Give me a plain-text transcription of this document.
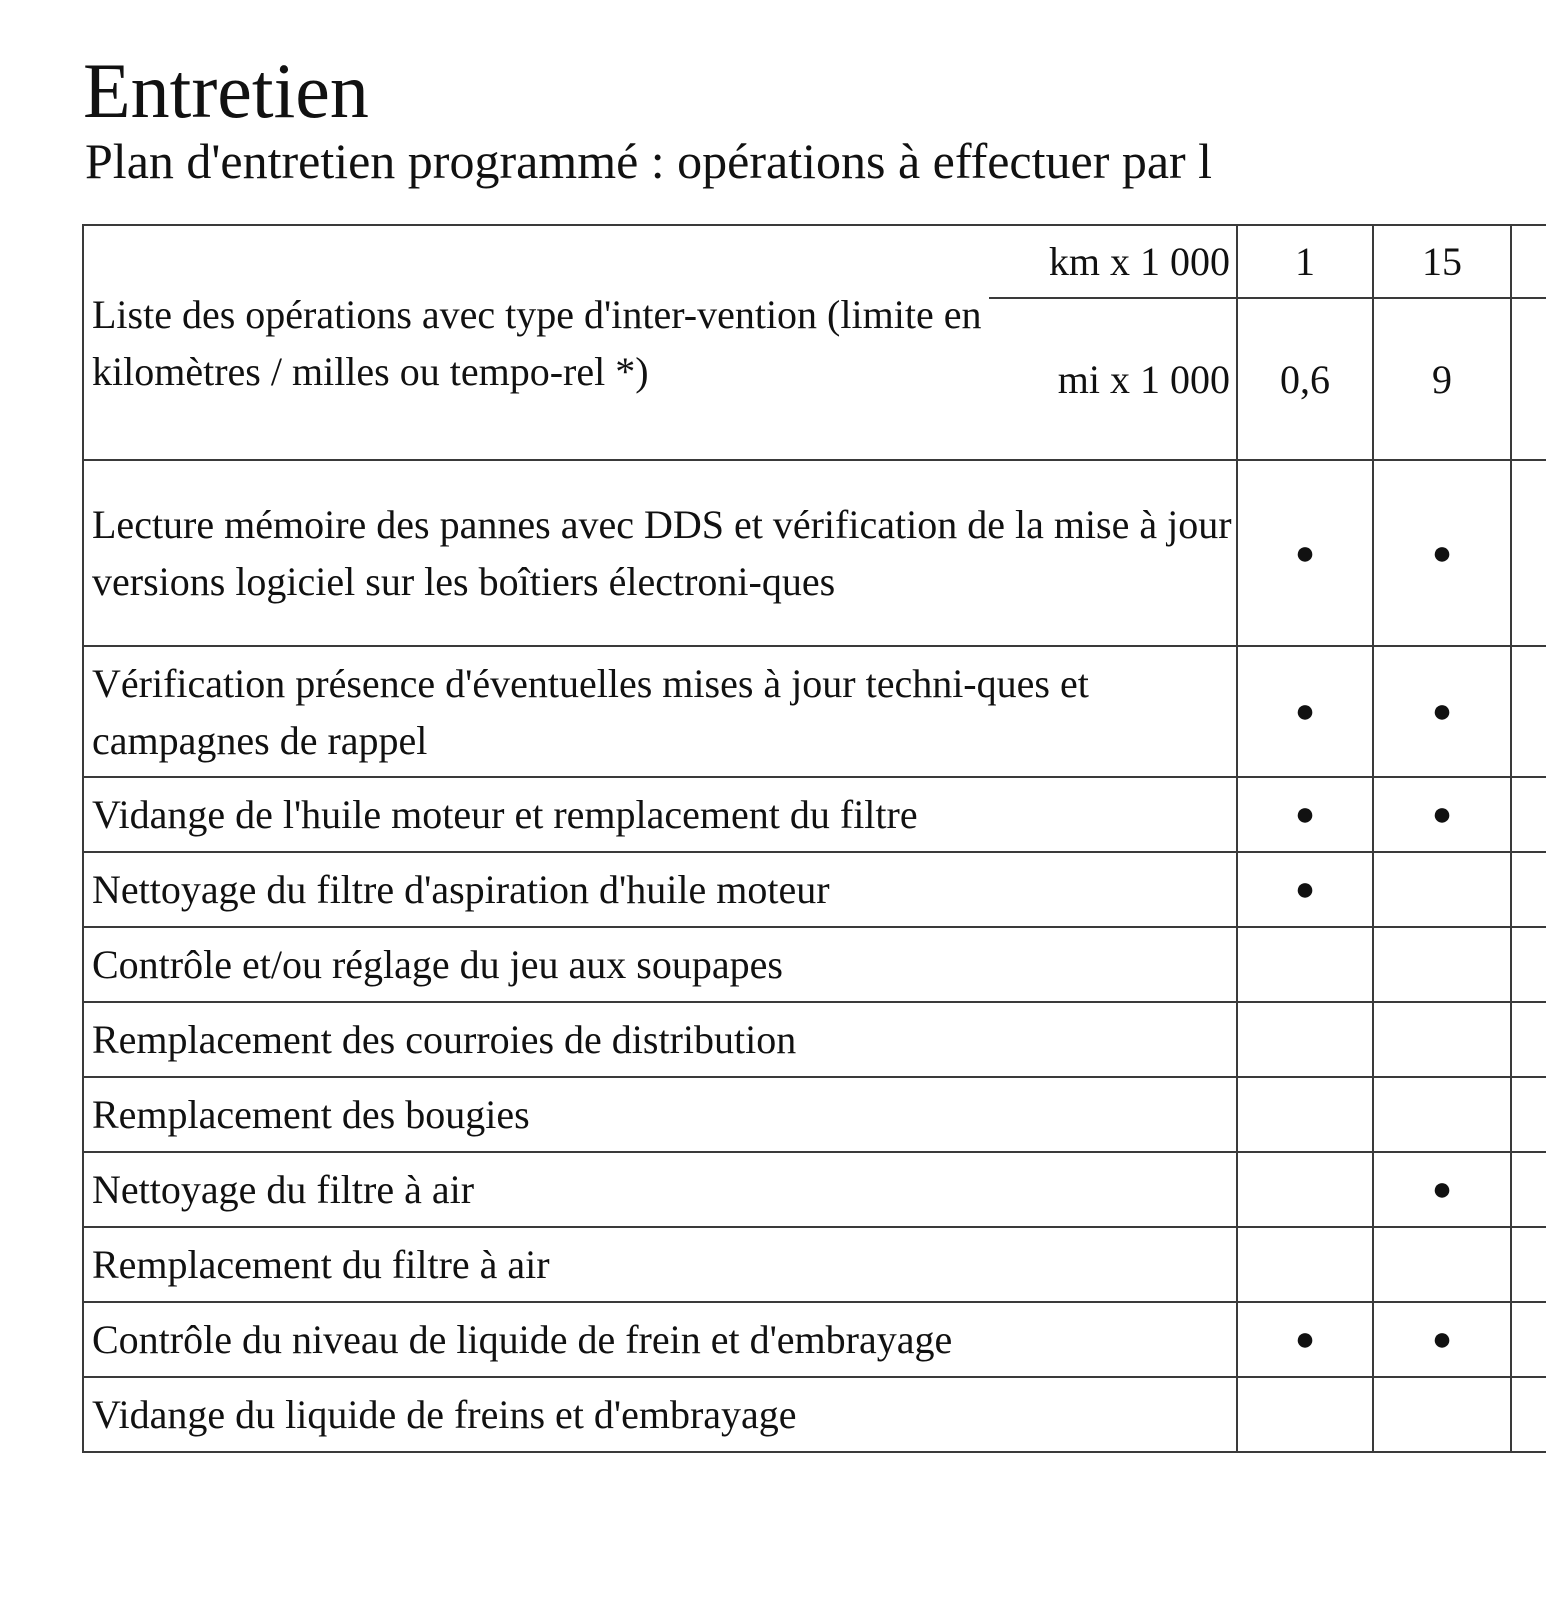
Entretien
Plan d'entretien programmé : opérations à effectuer par l
Liste des opérations avec type d'inter-vention (limite en kilomètres / milles ou tempo-rel *)	km x 1 000	1	15	
	mi x 1 000	0,6	9	
Lecture mémoire des pannes avec DDS et vérification de la mise à jour versions logiciel sur les boîtiers électroni-ques		●	●	
Vérification présence d'éventuelles mises à jour techni-ques et campagnes de rappel		●	●	
Vidange de l'huile moteur et remplacement du filtre		●	●	
Nettoyage du filtre d'aspiration d'huile moteur		●		
Contrôle et/ou réglage du jeu aux soupapes				
Remplacement des courroies de distribution				
Remplacement des bougies				
Nettoyage du filtre à air			●	
Remplacement du filtre à air				
Contrôle du niveau de liquide de frein et d'embrayage		●	●	
Vidange du liquide de freins et d'embrayage				
